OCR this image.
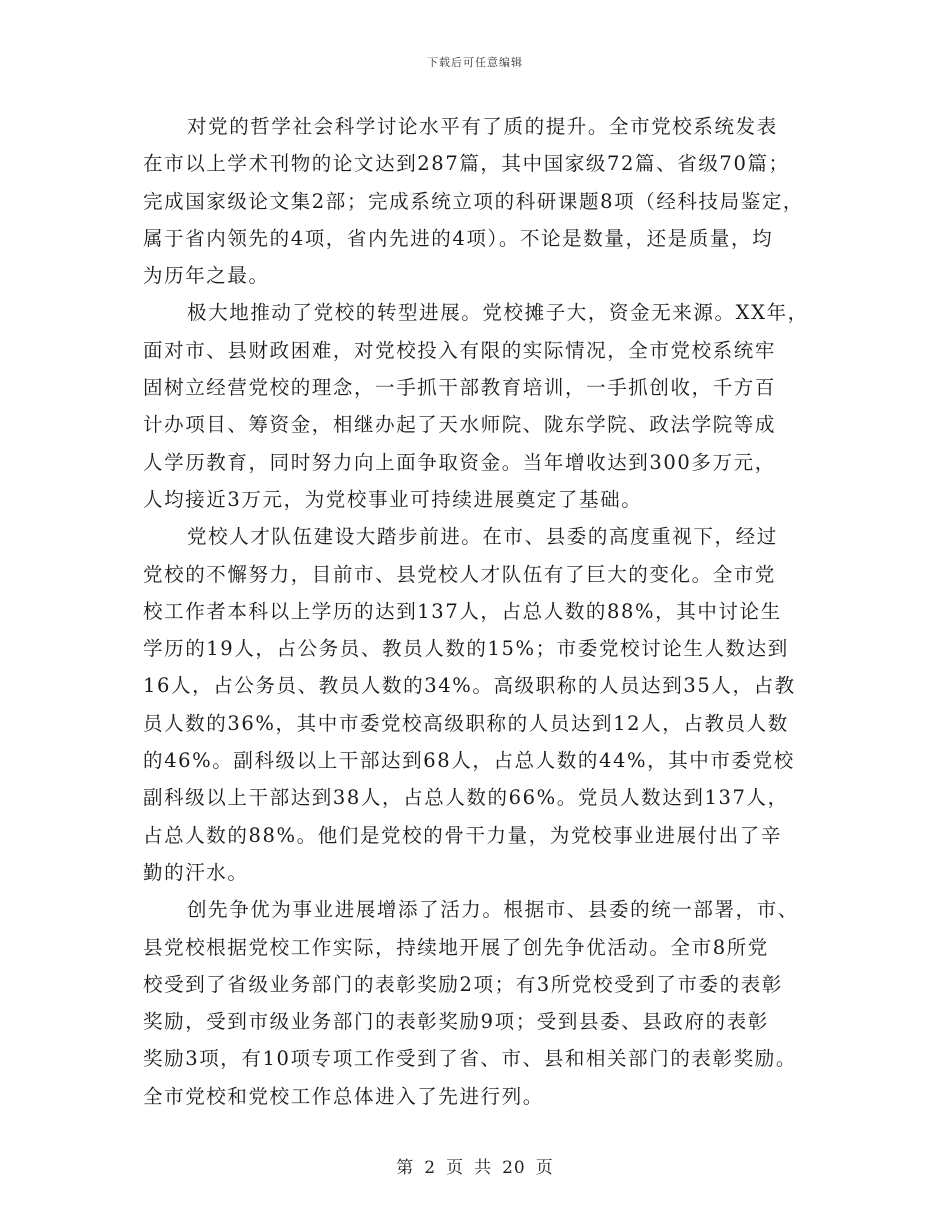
下载后可任意编辑

对党的哲学社会科学讨论水平有了质的提升。全市党校系统发表
在市以上学术刊物的论文达到287篇，其中国家级72篇、省级70篇；
完成国家级论文集2部；完成系统立项的科研课题8项（经科技局鉴定，
属于省内领先的4项，省内先进的4项）。不论是数量，还是质量，均
为历年之最。

极大地推动了党校的转型进展。党校摊子大，资金无来源。XX年，
面对市、县财政困难，对党校投入有限的实际情况，全市党校系统牢
固树立经营党校的理念，一手抓干部教育培训，一手抓创收，千方百
计办项目、筹资金，相继办起了天水师院、陇东学院、政法学院等成
人学历教育，同时努力向上面争取资金。当年增收达到300多万元，
人均接近3万元，为党校事业可持续进展奠定了基础。

党校人才队伍建设大踏步前进。在市、县委的高度重视下，经过
党校的不懈努力，目前市、县党校人才队伍有了巨大的变化。全市党
校工作者本科以上学历的达到137人，占总人数的88%，其中讨论生
学历的19人，占公务员、教员人数的15%；市委党校讨论生人数达到
16人，占公务员、教员人数的34%。高级职称的人员达到35人，占教
员人数的36%，其中市委党校高级职称的人员达到12人，占教员人数
的46%。副科级以上干部达到68人，占总人数的44%，其中市委党校
副科级以上干部达到38人，占总人数的66%。党员人数达到137人，
占总人数的88%。他们是党校的骨干力量，为党校事业进展付出了辛
勤的汗水。

创先争优为事业进展增添了活力。根据市、县委的统一部署，市、
县党校根据党校工作实际，持续地开展了创先争优活动。全市8所党
校受到了省级业务部门的表彰奖励2项；有3所党校受到了市委的表彰
奖励，受到市级业务部门的表彰奖励9项；受到县委、县政府的表彰
奖励3项，有10项专项工作受到了省、市、县和相关部门的表彰奖励。
全市党校和党校工作总体进入了先进行列。

第 2 页 共 20 页
